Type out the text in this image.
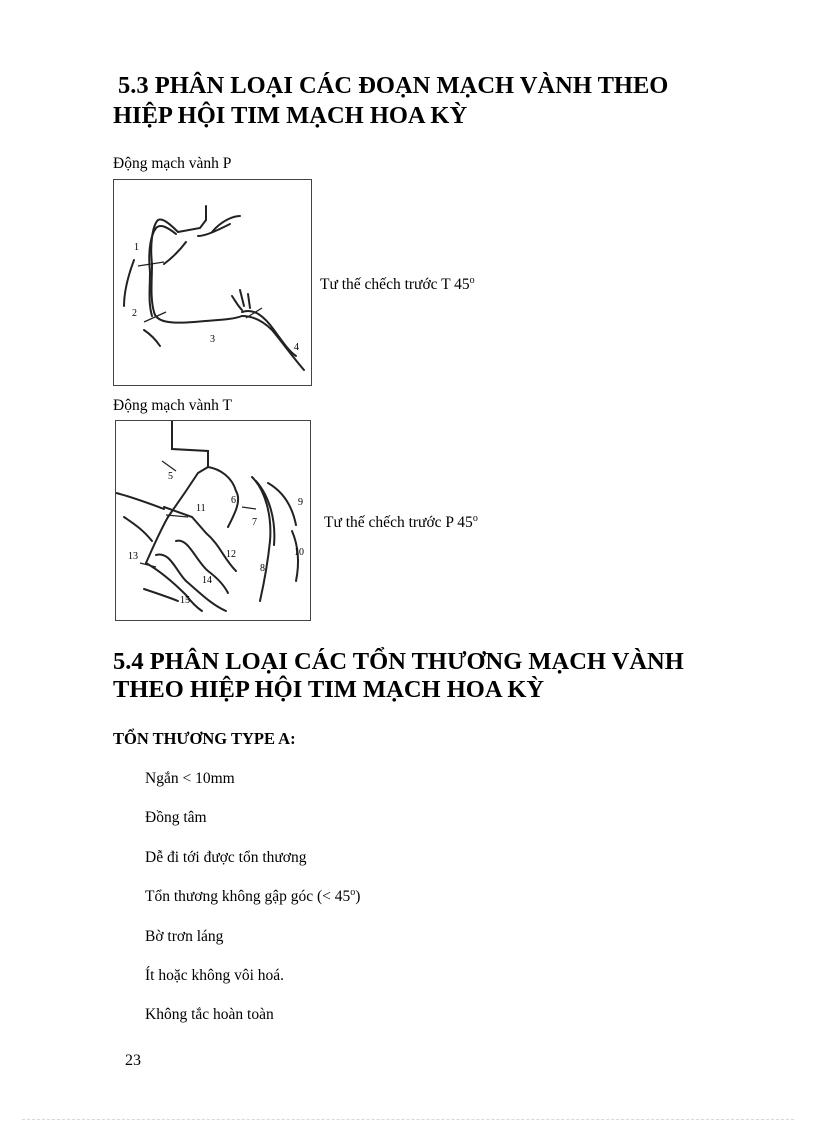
5.3 PHÂN LOẠI CÁC ĐOẠN MẠCH VÀNH THEO
HIỆP HỘI TIM MẠCH HOA KỲ
Động mạch vành P
1
2
3
4
Tư thế chếch trước T 45$^o$
Động mạch vành T
5
6
7
8
9
10
11
12
13
14
15
Tư thế chếch trước P 45$^o$
5.4 PHÂN LOẠI CÁC TỔN THƯƠNG MẠCH VÀNH
THEO HIỆP HỘI TIM MẠCH HOA KỲ
TỔN THƯƠNG TYPE A:
Ngắn < 10mm
Đồng tâm
Dễ đi tới được tổn thương
Tổn thương không gập góc (< $45^o$)
Bờ trơn láng
Ít hoặc không vôi hoá.
Không tắc hoàn toàn
23
